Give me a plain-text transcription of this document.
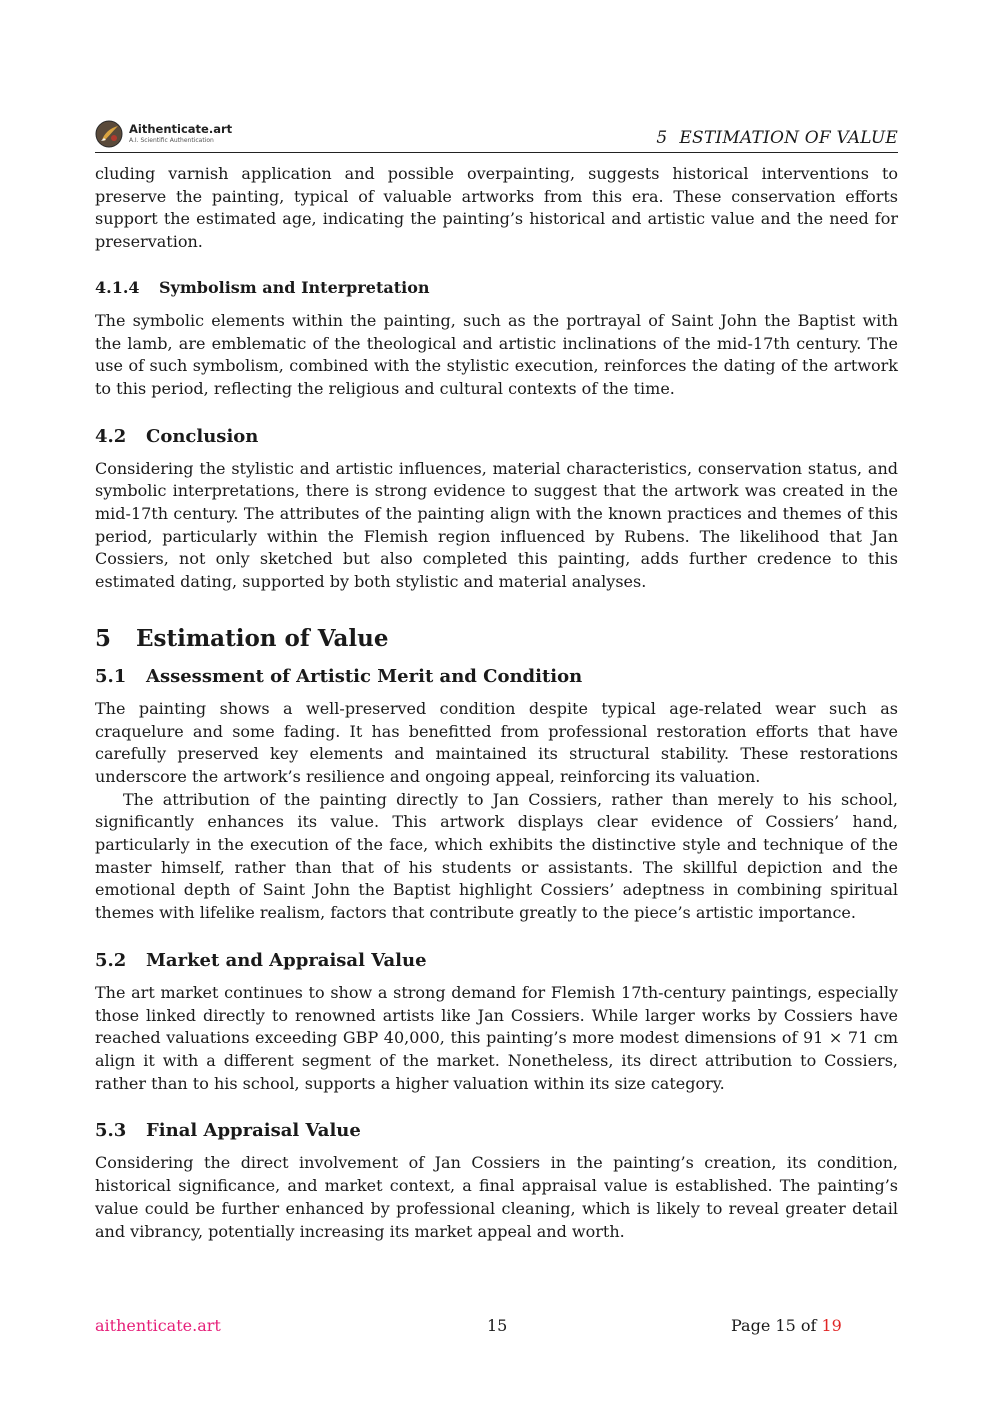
Aithenticate.art
A.I. Scientific Authentication	5 ESTIMATION OF VALUE

cluding varnish application and possible overpainting, suggests historical interventions to preserve the painting, typical of valuable artworks from this era. These conservation efforts support the estimated age, indicating the painting’s historical and artistic value and the need for preservation.

4.1.4 Symbolism and Interpretation

The symbolic elements within the painting, such as the portrayal of Saint John the Baptist with the lamb, are emblematic of the theological and artistic inclinations of the mid-17th century. The use of such symbolism, combined with the stylistic execution, reinforces the dating of the artwork to this period, reflecting the religious and cultural contexts of the time.

4.2 Conclusion

Considering the stylistic and artistic influences, material characteristics, conservation status, and symbolic interpretations, there is strong evidence to suggest that the artwork was created in the mid-17th century. The attributes of the painting align with the known practices and themes of this period, particularly within the Flemish region influenced by Rubens. The likelihood that Jan Cossiers, not only sketched but also completed this painting, adds further credence to this estimated dating, supported by both stylistic and material analyses.

5 Estimation of Value
5.1 Assessment of Artistic Merit and Condition

The painting shows a well-preserved condition despite typical age-related wear such as craquelure and some fading. It has benefitted from professional restoration efforts that have carefully preserved key elements and maintained its structural stability. These restorations underscore the artwork’s resilience and ongoing appeal, reinforcing its valuation.

The attribution of the painting directly to Jan Cossiers, rather than merely to his school, significantly enhances its value. This artwork displays clear evidence of Cossiers’ hand, particularly in the execution of the face, which exhibits the distinctive style and technique of the master himself, rather than that of his students or assistants. The skillful depiction and the emotional depth of Saint John the Baptist highlight Cossiers’ adeptness in combining spiritual themes with lifelike realism, factors that contribute greatly to the piece’s artistic importance.

5.2 Market and Appraisal Value

The art market continues to show a strong demand for Flemish 17th-century paintings, especially those linked directly to renowned artists like Jan Cossiers. While larger works by Cossiers have reached valuations exceeding GBP 40,000, this painting’s more modest dimensions of 91 × 71 cm align it with a different segment of the market. Nonetheless, its direct attribution to Cossiers, rather than to his school, supports a higher valuation within its size category.

5.3 Final Appraisal Value

Considering the direct involvement of Jan Cossiers in the painting’s creation, its condition, historical significance, and market context, a final appraisal value is established. The painting’s value could be further enhanced by professional cleaning, which is likely to reveal greater detail and vibrancy, potentially increasing its market appeal and worth.

aithenticate.art	15	Page 15 of 19
